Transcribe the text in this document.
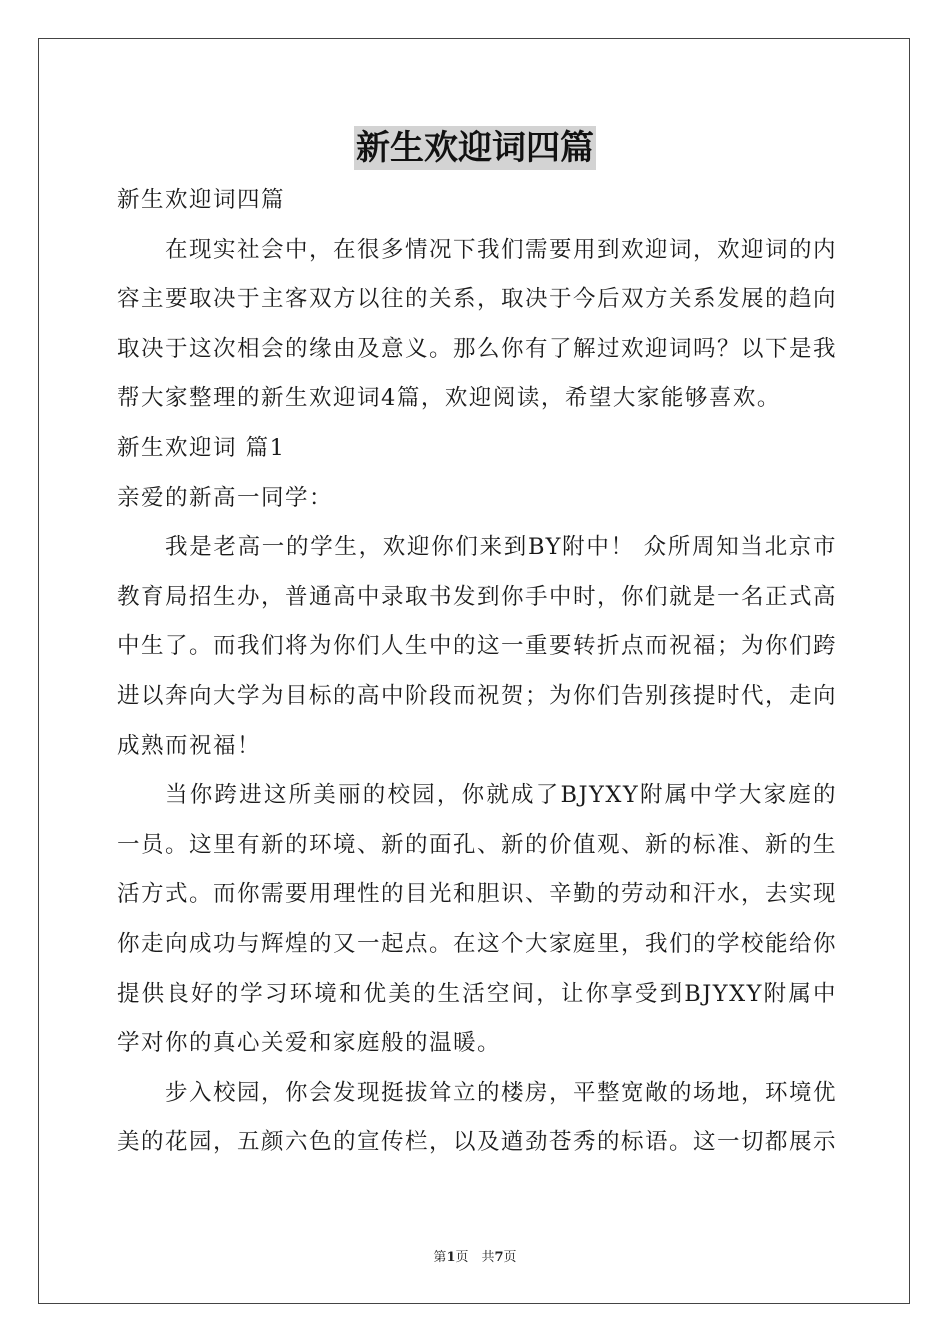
新生欢迎词四篇

新生欢迎词四篇

在现实社会中，在很多情况下我们需要用到欢迎词，欢迎词的内容主要取决于主客双方以往的关系，取决于今后双方关系发展的趋向取决于这次相会的缘由及意义。那么你有了解过欢迎词吗？以下是我帮大家整理的新生欢迎词4篇，欢迎阅读，希望大家能够喜欢。

新生欢迎词 篇1

亲爱的新高一同学：

我是老高一的学生，欢迎你们来到BY附中！ 众所周知当北京市教育局招生办，普通高中录取书发到你手中时，你们就是一名正式高中生了。而我们将为你们人生中的这一重要转折点而祝福；为你们跨进以奔向大学为目标的高中阶段而祝贺；为你们告别孩提时代，走向成熟而祝福！

当你跨进这所美丽的校园，你就成了BJYXY附属中学大家庭的一员。这里有新的环境、新的面孔、新的价值观、新的标准、新的生活方式。而你需要用理性的目光和胆识、辛勤的劳动和汗水，去实现你走向成功与辉煌的又一起点。在这个大家庭里，我们的学校能给你提供良好的学习环境和优美的生活空间，让你享受到BJYXY附属中学对你的真心关爱和家庭般的温暖。

步入校园，你会发现挺拔耸立的楼房，平整宽敞的场地，环境优美的花园，五颜六色的宣传栏，以及遒劲苍秀的标语。这一切都展示

第1页　共7页
